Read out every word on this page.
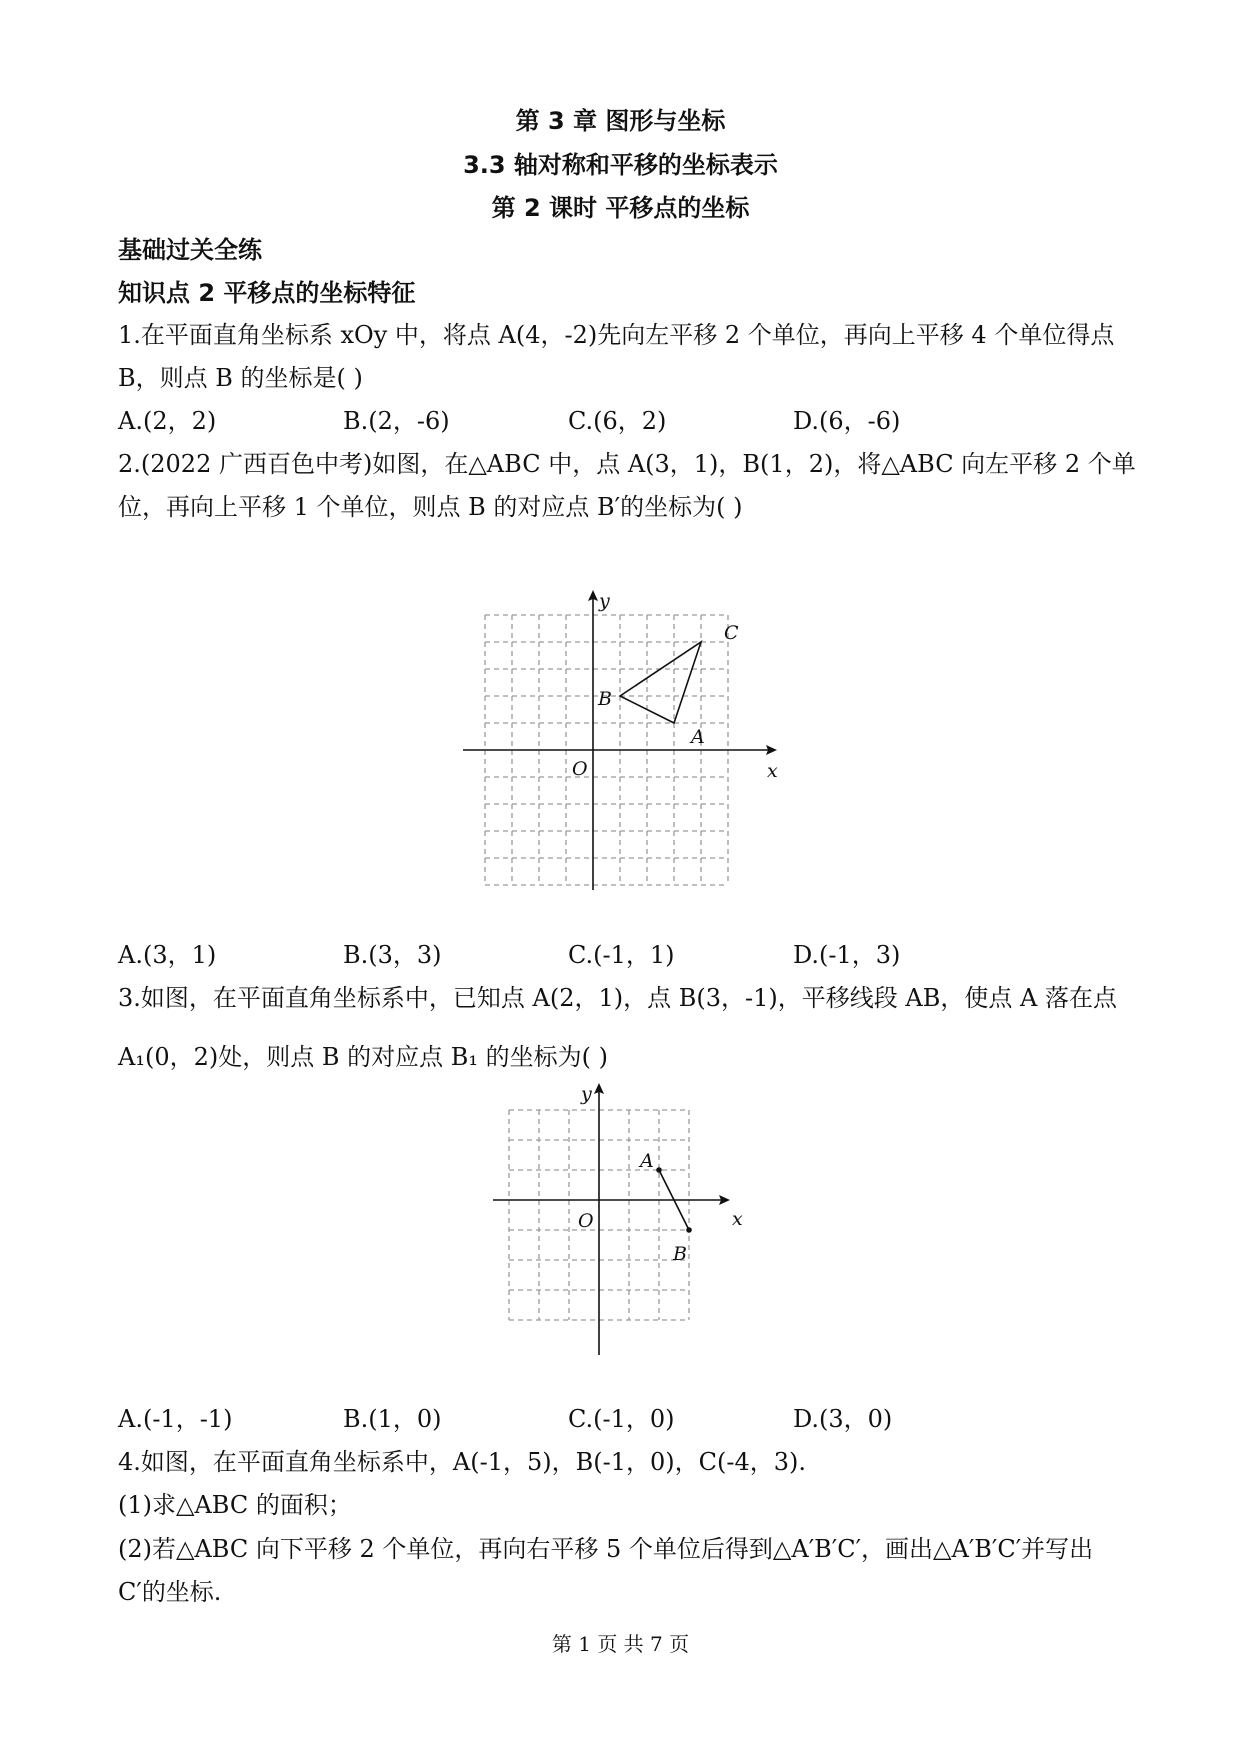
第 3 章 图形与坐标
3.3 轴对称和平移的坐标表示
第 2 课时 平移点的坐标
基础过关全练
知识点 2 平移点的坐标特征
1.在平面直角坐标系 xOy 中，将点 A(4，-2)先向左平移 2 个单位，再向上平移 4 个单位得点
B，则点 B 的坐标是( )
A.(2，2)	B.(2，-6)	C.(6，2)	D.(6，-6)
2.(2022 广西百色中考)如图，在△ABC 中，点 A(3，1)，B(1，2)，将△ABC 向左平移 2 个单
位，再向上平移 1 个单位，则点 B 的对应点 B′的坐标为( )
x
y
O
A
B
C
A.(3，1)	B.(3，3)	C.(-1，1)	D.(-1，3)
3.如图，在平面直角坐标系中，已知点 A(2，1)，点 B(3，-1)，平移线段 AB，使点 A 落在点
A₁(0，2)处，则点 B 的对应点 B₁ 的坐标为( )
x
y
O
A
B
A.(-1，-1)	B.(1，0)	C.(-1，0)	D.(3，0)
4.如图，在平面直角坐标系中，A(-1，5)，B(-1，0)，C(-4，3).
(1)求△ABC 的面积；
(2)若△ABC 向下平移 2 个单位，再向右平移 5 个单位后得到△A′B′C′，画出△A′B′C′并写出
C′的坐标.
第 1 页 共 7 页
